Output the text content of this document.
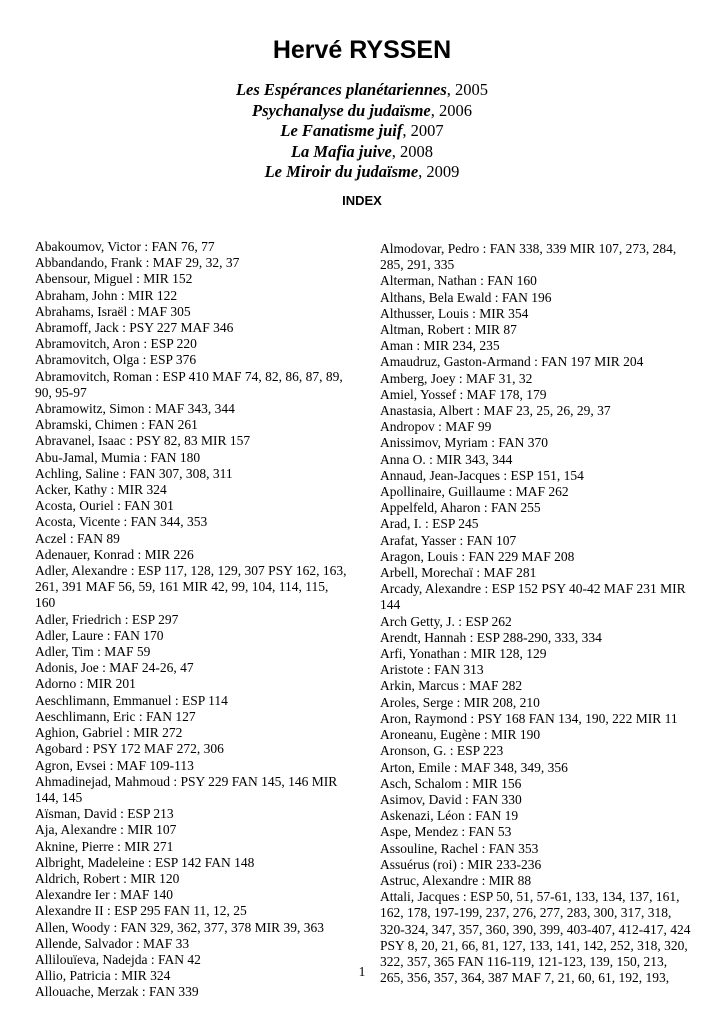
Hervé RYSSEN
Les Espérances planétariennes, 2005
Psychanalyse du judaïsme, 2006
Le Fanatisme juif, 2007
La Mafia juive, 2008
Le Miroir du judaïsme, 2009
INDEX

Abakoumov, Victor : FAN 76, 77

Abbandando, Frank : MAF 29, 32, 37

Abensour, Miguel : MIR 152

Abraham, John : MIR 122

Abrahams, Israël : MAF 305

Abramoff, Jack : PSY 227 MAF 346

Abramovitch, Aron : ESP 220

Abramovitch, Olga : ESP 376

Abramovitch, Roman : ESP 410 MAF 74, 82, 86, 87, 89, 90, 95-97

Abramowitz, Simon : MAF 343, 344

Abramski, Chimen : FAN 261

Abravanel, Isaac : PSY 82, 83 MIR 157

Abu-Jamal, Mumia : FAN 180

Achling, Saline : FAN 307, 308, 311

Acker, Kathy : MIR 324

Acosta, Ouriel : FAN 301

Acosta, Vicente : FAN 344, 353

Aczel : FAN 89

Adenauer, Konrad : MIR 226

Adler, Alexandre : ESP 117, 128, 129, 307 PSY 162, 163, 261, 391 MAF 56, 59, 161 MIR 42, 99, 104, 114, 115, 160

Adler, Friedrich : ESP 297

Adler, Laure : FAN 170

Adler, Tim : MAF 59

Adonis, Joe : MAF 24-26, 47

Adorno : MIR 201

Aeschlimann, Emmanuel : ESP 114

Aeschlimann, Eric : FAN 127

Aghion, Gabriel : MIR 272

Agobard : PSY 172 MAF 272, 306

Agron, Evsei : MAF 109-113

Ahmadinejad, Mahmoud : PSY 229 FAN 145, 146 MIR 144, 145

Aïsman, David : ESP 213

Aja, Alexandre : MIR 107

Aknine, Pierre : MIR 271

Albright, Madeleine : ESP 142 FAN 148

Aldrich, Robert : MIR 120

Alexandre Ier : MAF 140

Alexandre II : ESP 295 FAN 11, 12, 25

Allen, Woody : FAN 329, 362, 377, 378 MIR 39, 363

Allende, Salvador : MAF 33

Allilouïeva, Nadejda : FAN 42

Allio, Patricia : MIR 324

Allouache, Merzak : FAN 339

Almodovar, Pedro : FAN 338, 339 MIR 107, 273, 284, 285, 291, 335

Alterman, Nathan : FAN 160

Althans, Bela Ewald : FAN 196

Althusser, Louis : MIR 354

Altman, Robert : MIR 87

Aman : MIR 234, 235

Amaudruz, Gaston-Armand : FAN 197 MIR 204

Amberg, Joey : MAF 31, 32

Amiel, Yossef : MAF 178, 179

Anastasia, Albert : MAF 23, 25, 26, 29, 37

Andropov : MAF 99

Anissimov, Myriam : FAN 370

Anna O. : MIR 343, 344

Annaud, Jean-Jacques : ESP 151, 154

Apollinaire, Guillaume : MAF 262

Appelfeld, Aharon : FAN 255

Arad, I. : ESP 245

Arafat, Yasser : FAN 107

Aragon, Louis : FAN 229 MAF 208

Arbell, Morechaï : MAF 281

Arcady, Alexandre : ESP 152 PSY 40-42 MAF 231 MIR 144

Arch Getty, J. : ESP 262

Arendt, Hannah : ESP 288-290, 333, 334

Arfi, Yonathan : MIR 128, 129

Aristote : FAN 313

Arkin, Marcus : MAF 282

Aroles, Serge : MIR 208, 210

Aron, Raymond : PSY 168 FAN 134, 190, 222 MIR 11

Aroneanu, Eugène : MIR 190

Aronson, G. : ESP 223

Arton, Emile : MAF 348, 349, 356

Asch, Schalom : MIR 156

Asimov, David : FAN 330

Askenazi, Léon : FAN 19

Aspe, Mendez : FAN 53

Assouline, Rachel : FAN 353

Assuérus (roi) : MIR 233-236

Astruc, Alexandre : MIR 88

Attali, Jacques : ESP 50, 51, 57-61, 133, 134, 137, 161, 162, 178, 197-199, 237, 276, 277, 283, 300, 317, 318, 320-324, 347, 357, 360, 390, 399, 403-407, 412-417, 424 PSY 8, 20, 21, 66, 81, 127, 133, 141, 142, 252, 318, 320, 322, 357, 365 FAN 116-119, 121-123, 139, 150, 213, 265, 356, 357, 364, 387 MAF 7, 21, 60, 61, 192, 193,

1
